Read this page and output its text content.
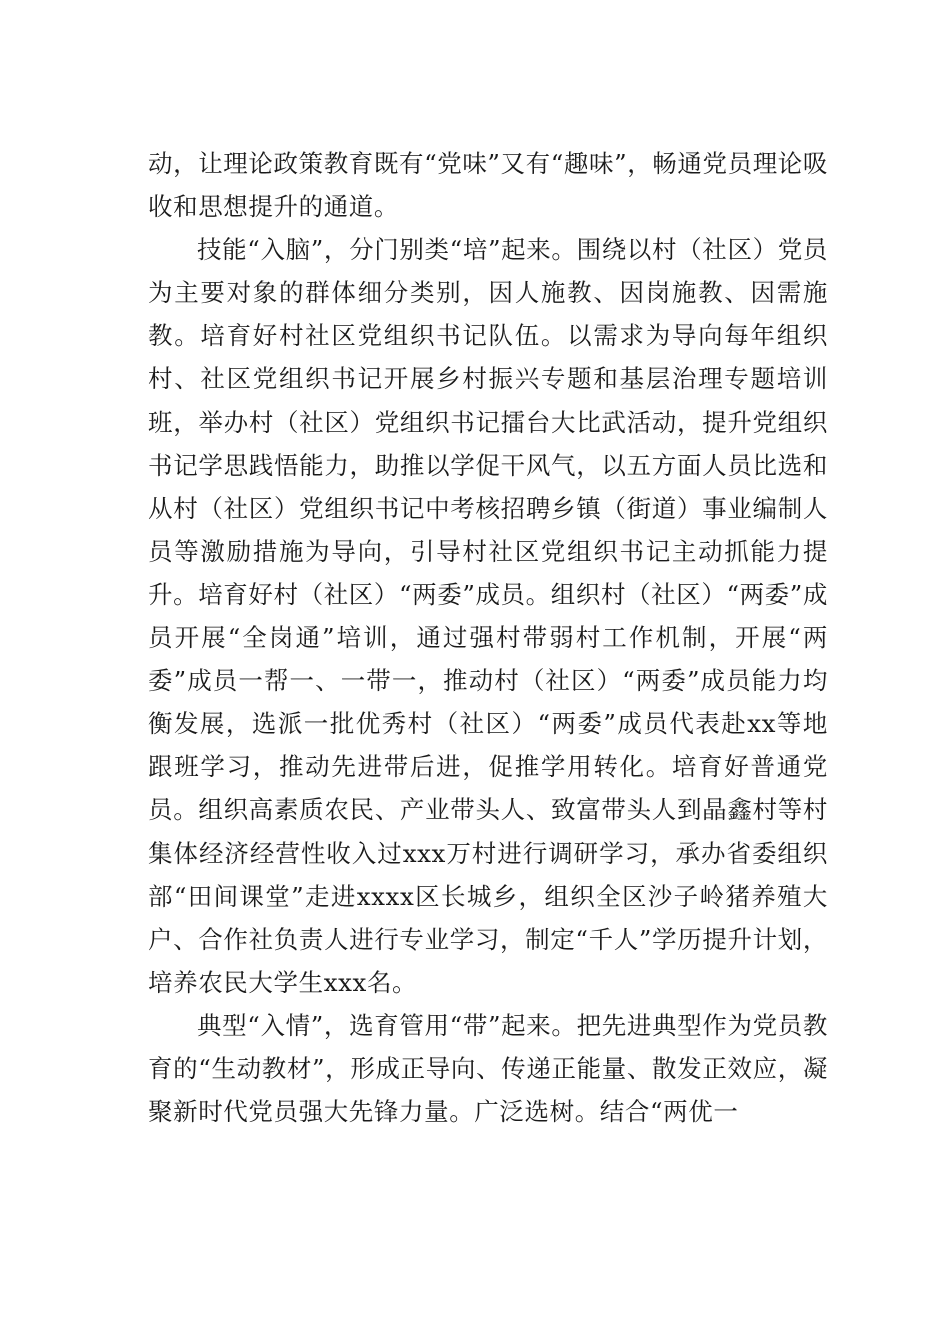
动，让理论政策教育既有“党味”又有“趣味”，畅通党员理论吸收和思想提升的通道。

技能“入脑”，分门别类“培”起来。围绕以村（社区）党员为主要对象的群体细分类别，因人施教、因岗施教、因需施教。培育好村社区党组织书记队伍。以需求为导向每年组织村、社区党组织书记开展乡村振兴专题和基层治理专题培训班，举办村（社区）党组织书记擂台大比武活动，提升党组织书记学思践悟能力，助推以学促干风气，以五方面人员比选和从村（社区）党组织书记中考核招聘乡镇（街道）事业编制人员等激励措施为导向，引导村社区党组织书记主动抓能力提升。培育好村（社区）“两委”成员。组织村（社区）“两委”成员开展“全岗通”培训，通过强村带弱村工作机制，开展“两委”成员一帮一、一带一，推动村（社区）“两委”成员能力均衡发展，选派一批优秀村（社区）“两委”成员代表赴xx等地跟班学习，推动先进带后进，促推学用转化。培育好普通党员。组织高素质农民、产业带头人、致富带头人到晶鑫村等村集体经济经营性收入过xxx万村进行调研学习，承办省委组织部“田间课堂”走进xxxx区长城乡，组织全区沙子岭猪养殖大户、合作社负责人进行专业学习，制定“千人”学历提升计划，培养农民大学生xxx名。

典型“入情”，选育管用“带”起来。把先进典型作为党员教育的“生动教材”，形成正导向、传递正能量、散发正效应，凝聚新时代党员强大先锋力量。广泛选树。结合“两优一
